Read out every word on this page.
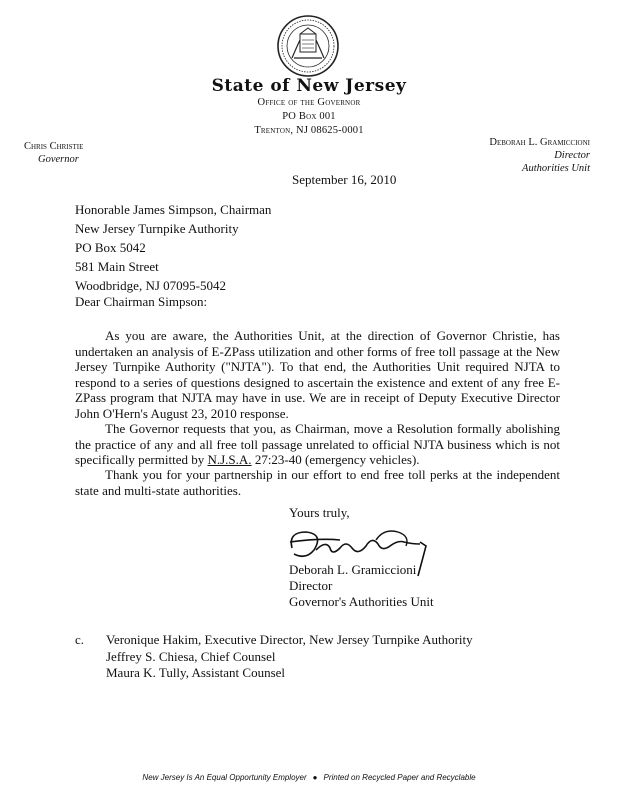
State of New Jersey
Office of the Governor
PO Box 001
Trenton, NJ 08625-0001
Chris Christie
Governor
Deborah L. Gramiccioni
Director
Authorities Unit
September 16, 2010
Honorable James Simpson, Chairman
New Jersey Turnpike Authority
PO Box 5042
581 Main Street
Woodbridge, NJ 07095-5042
Dear Chairman Simpson:

As you are aware, the Authorities Unit, at the direction of Governor Christie, has undertaken an analysis of E-ZPass utilization and other forms of free toll passage at the New Jersey Turnpike Authority ("NJTA"). To that end, the Authorities Unit required NJTA to respond to a series of questions designed to ascertain the existence and extent of any free E-ZPass program that NJTA may have in use. We are in receipt of Deputy Executive Director John O'Hern's August 23, 2010 response.

The Governor requests that you, as Chairman, move a Resolution formally abolishing the practice of any and all free toll passage unrelated to official NJTA business which is not specifically permitted by N.J.S.A. 27:23-40 (emergency vehicles).

Thank you for your partnership in our effort to end free toll perks at the independent state and multi-state authorities.

Yours truly,
Deborah L. Gramiccioni
Director
Governor's Authorities Unit
c. Veronique Hakim, Executive Director, New Jersey Turnpike Authority
Jeffrey S. Chiesa, Chief Counsel
Maura K. Tully, Assistant Counsel
New Jersey Is An Equal Opportunity Employer ● Printed on Recycled Paper and Recyclable
